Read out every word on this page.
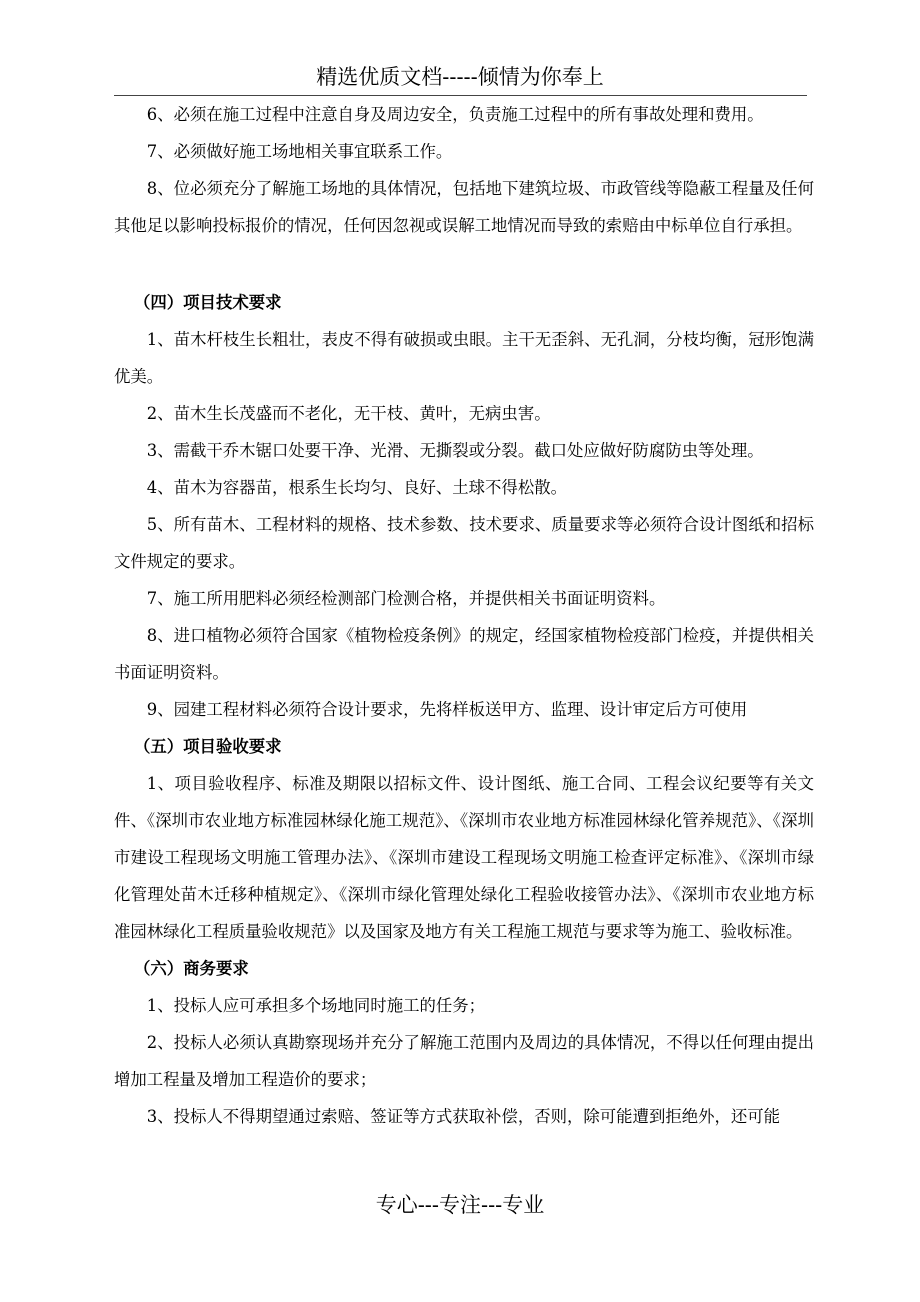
精选优质文档-----倾情为你奉上

6、必须在施工过程中注意自身及周边安全，负责施工过程中的所有事故处理和费用。

7、必须做好施工场地相关事宜联系工作。

8、位必须充分了解施工场地的具体情况，包括地下建筑垃圾、市政管线等隐蔽工程量及任何其他足以影响投标报价的情况，任何因忽视或误解工地情况而导致的索赔由中标单位自行承担。

（四）项目技术要求

1、苗木杆枝生长粗壮，表皮不得有破损或虫眼。主干无歪斜、无孔洞，分枝均衡，冠形饱满优美。

2、苗木生长茂盛而不老化，无干枝、黄叶，无病虫害。

3、需截干乔木锯口处要干净、光滑、无撕裂或分裂。截口处应做好防腐防虫等处理。

4、苗木为容器苗，根系生长均匀、良好、土球不得松散。

5、所有苗木、工程材料的规格、技术参数、技术要求、质量要求等必须符合设计图纸和招标文件规定的要求。

7、施工所用肥料必须经检测部门检测合格，并提供相关书面证明资料。

8、进口植物必须符合国家《植物检疫条例》的规定，经国家植物检疫部门检疫，并提供相关书面证明资料。

9、园建工程材料必须符合设计要求，先将样板送甲方、监理、设计审定后方可使用

（五）项目验收要求

1、项目验收程序、标准及期限以招标文件、设计图纸、施工合同、工程会议纪要等有关文件、《深圳市农业地方标准园林绿化施工规范》、《深圳市农业地方标准园林绿化管养规范》、《深圳市建设工程现场文明施工管理办法》、《深圳市建设工程现场文明施工检查评定标准》、《深圳市绿化管理处苗木迁移种植规定》、《深圳市绿化管理处绿化工程验收接管办法》、《深圳市农业地方标准园林绿化工程质量验收规范》以及国家及地方有关工程施工规范与要求等为施工、验收标准。

（六）商务要求

1、投标人应可承担多个场地同时施工的任务；

2、投标人必须认真勘察现场并充分了解施工范围内及周边的具体情况，不得以任何理由提出增加工程量及增加工程造价的要求；

3、投标人不得期望通过索赔、签证等方式获取补偿，否则，除可能遭到拒绝外，还可能

专心---专注---专业
